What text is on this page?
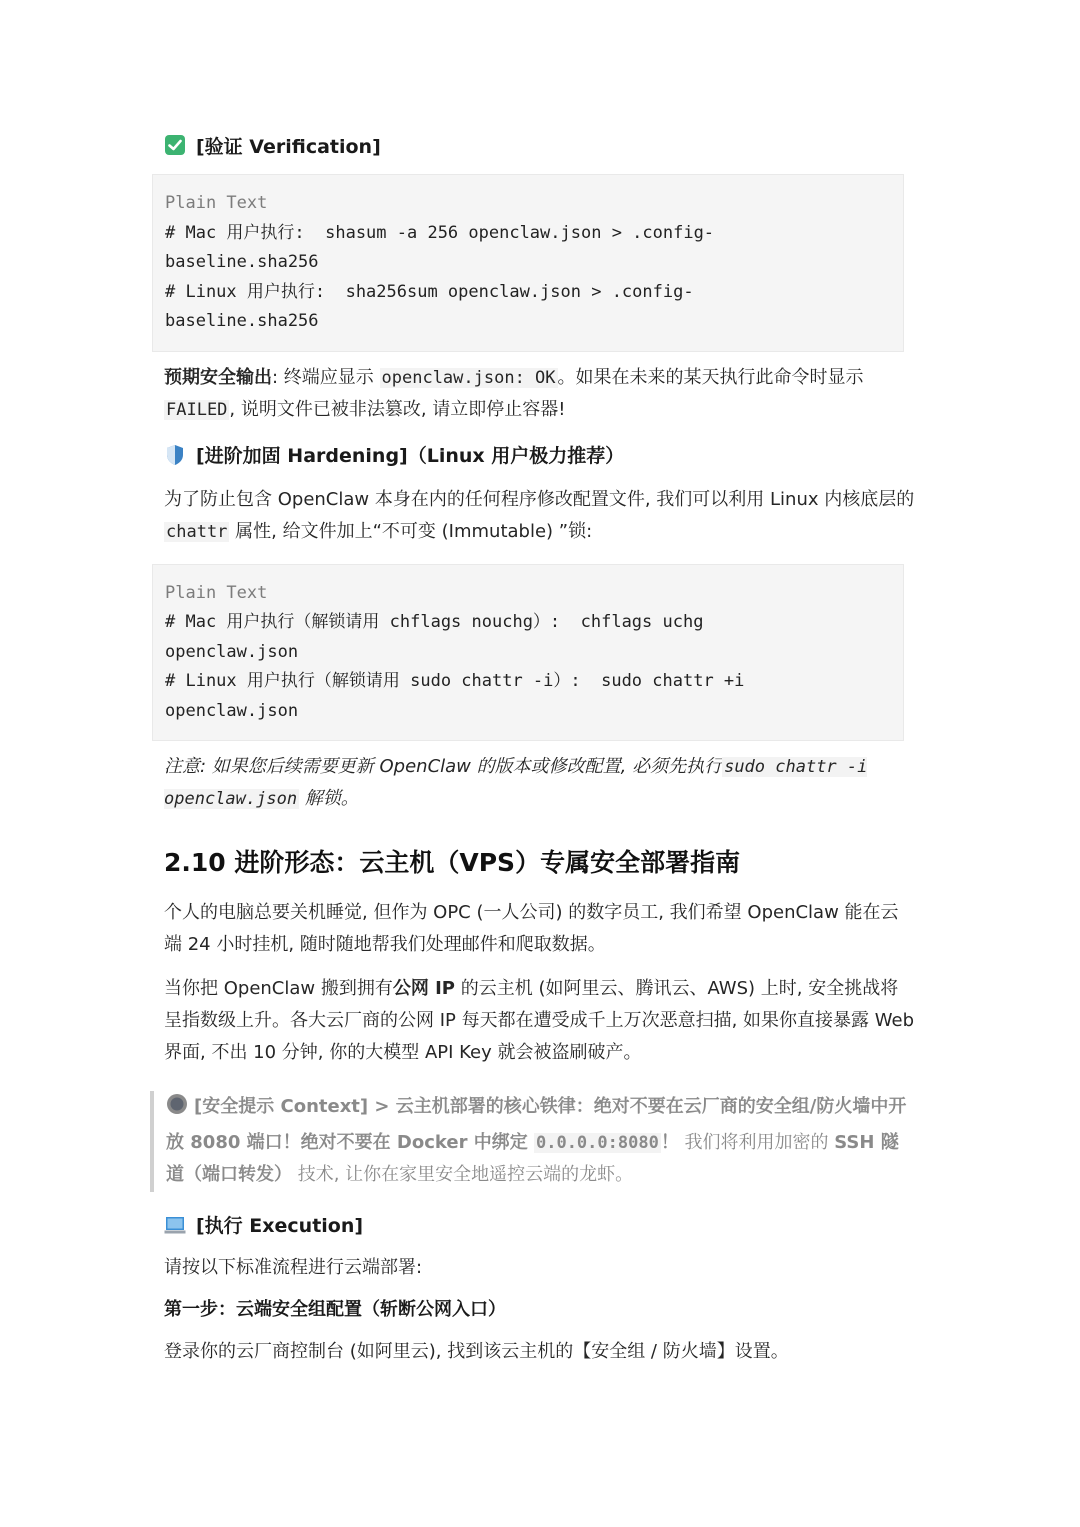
[验证 Verification]
Plain Text
# Mac 用户执行:  shasum -a 256 openclaw.json > .config-
baseline.sha256
# Linux 用户执行:  sha256sum openclaw.json > .config-
baseline.sha256
预期安全输出: 终端应显示 openclaw.json: OK 。如果在未来的某天执行此命令时显示 FAILED , 说明文件已被非法篡改, 请立即停止容器!
[进阶加固 Hardening]（Linux 用户极力推荐）
为了防止包含 OpenClaw 本身在内的任何程序修改配置文件, 我们可以利用 Linux 内核底层的 chattr 属性, 给文件加上“不可变 (Immutable) ”锁:
Plain Text
# Mac 用户执行（解锁请用 chflags nouchg）:  chflags uchg
openclaw.json
# Linux 用户执行（解锁请用 sudo chattr -i）:  sudo chattr +i
openclaw.json
注意: 如果您后续需要更新 OpenClaw 的版本或修改配置, 必须先执行 sudo chattr -i openclaw.json 解锁。
2.10 进阶形态：云主机（VPS）专属安全部署指南
个人的电脑总要关机睡觉, 但作为 OPC (一人公司) 的数字员工, 我们希望 OpenClaw 能在云端 24 小时挂机, 随时随地帮我们处理邮件和爬取数据。
当你把 OpenClaw 搬到拥有公网 IP 的云主机 (如阿里云、腾讯云、AWS) 上时, 安全挑战将呈指数级上升。各大云厂商的公网 IP 每天都在遭受成千上万次恶意扫描, 如果你直接暴露 Web 界面, 不出 10 分钟, 你的大模型 API Key 就会被盗刷破产。
[安全提示 Context] > 云主机部署的核心铁律：绝对不要在云厂商的安全组/防火墙中开放 8080 端口！绝对不要在 Docker 中绑定 0.0.0.0:8080 ！ 我们将利用加密的 SSH 隧道（端口转发） 技术, 让你在家里安全地遥控云端的龙虾。
[执行 Execution]
请按以下标准流程进行云端部署:
第一步：云端安全组配置（斩断公网入口）
登录你的云厂商控制台 (如阿里云), 找到该云主机的【安全组 / 防火墙】设置。
